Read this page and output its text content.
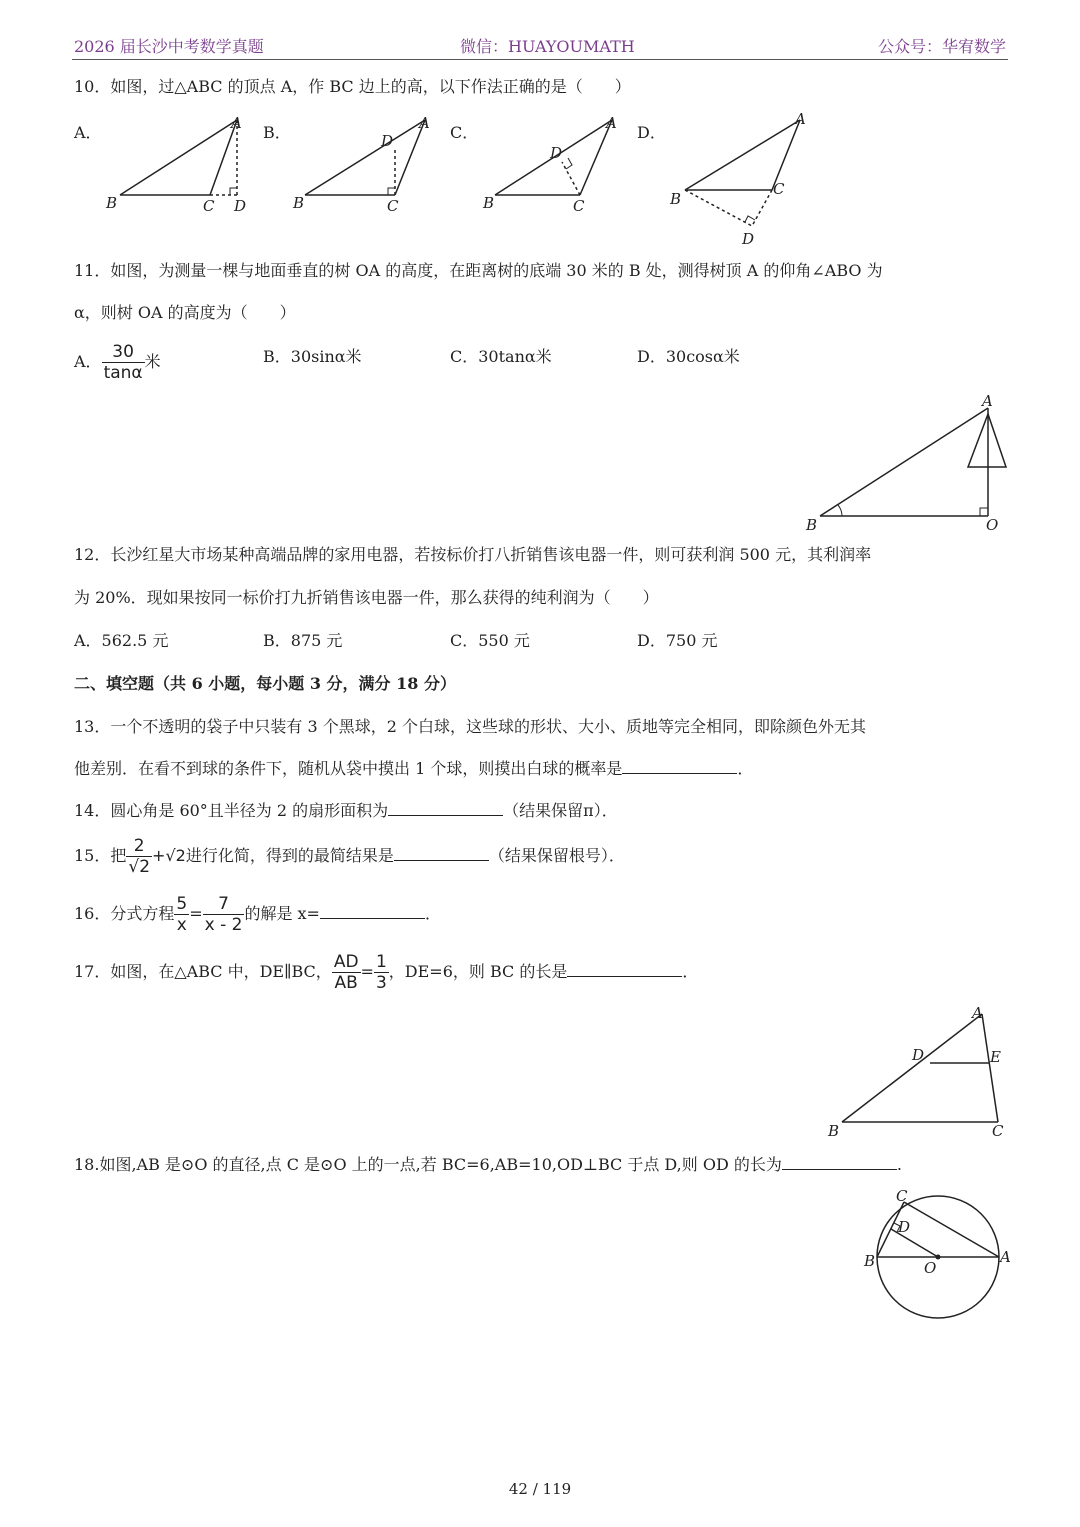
2026 届长沙中考数学真题	微信：HUAYOUMATH	公众号：华宥数学
10．如图，过△ABC 的顶点 A，作 BC 边上的高，以下作法正确的是（　　）
A．	B．	C．	D．
A
B	C D
A
D
B	C
A
D
B	C
A
B
C
D
11．如图，为测量一棵与地面垂直的树 OA 的高度，在距离树的底端 30 米的 B 处，测得树顶 A 的仰角∠ABO 为
α，则树 OA 的高度为（　　）
A． $\frac{30}{\tan\alpha}$ 米	B．30sinα米	C．30tanα米	D．30cosα米
A
B	O
12．长沙红星大市场某种高端品牌的家用电器，若按标价打八折销售该电器一件，则可获利润 500 元，其利润率
为 20%．现如果按同一标价打九折销售该电器一件，那么获得的纯利润为（　　）
A．562.5 元	B．875 元	C．550 元	D．750 元
二、填空题（共 6 小题，每小题 3 分，满分 18 分）
13．一个不透明的袋子中只装有 3 个黑球，2 个白球，这些球的形状、大小、质地等完全相同，即除颜色外无其
他差别．在看不到球的条件下，随机从袋中摸出 1 个球，则摸出白球的概率是	．
14．圆心角是 60°且半径为 2 的扇形面积为	（结果保留π）．
15．把 $\frac{2}{√2} +√2$进行化简，得到的最简结果是	（结果保留根号）．
16．分式方程 $\frac{5}{x} = \frac{7}{x - 2}$ 的解是 x=	．
17．如图，在△ABC 中，DE∥BC， $\frac{AD}{AB} = \frac{1}{3}$ ，DE=6，则 BC 的长是	．
A
D	E
B	C
18.如图,AB 是⊙O 的直径,点 C 是⊙O 上的一点,若 BC=6,AB=10,OD⊥BC 于点 D,则 OD 的长为	.
C
D
B	A
O
42 / 119
